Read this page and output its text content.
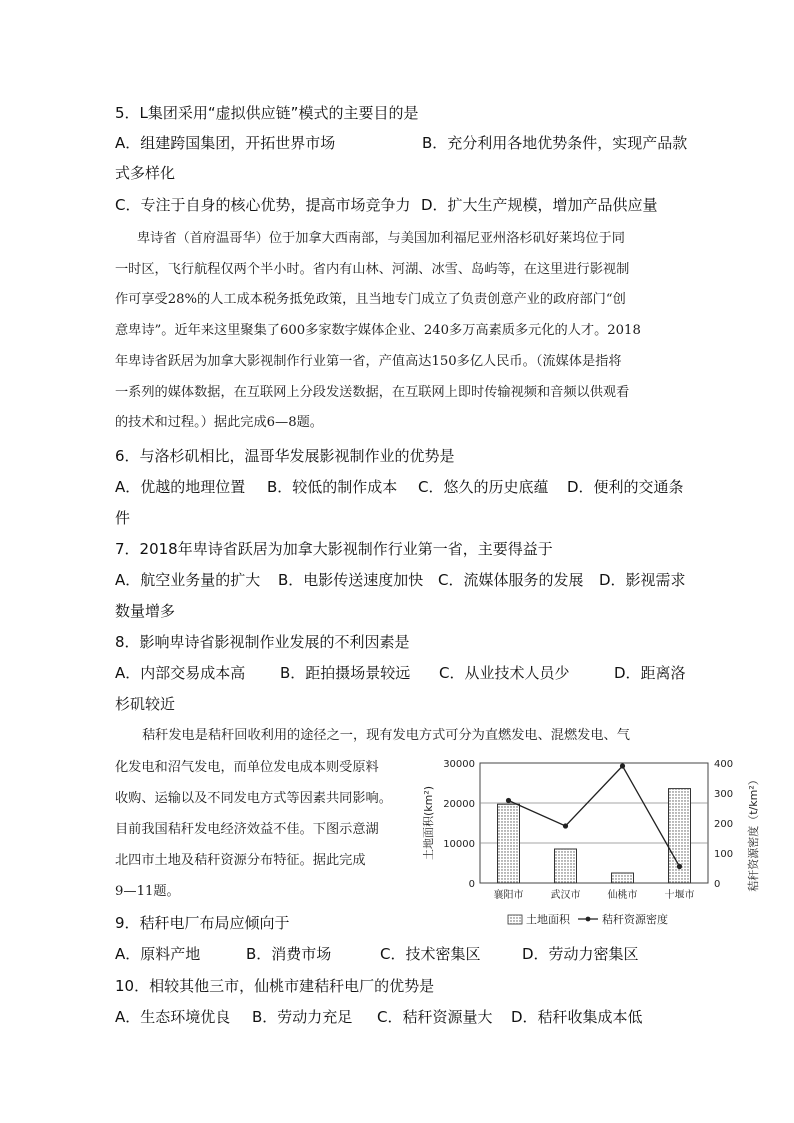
5．L集团采用“虚拟供应链”模式的主要目的是
A．组建跨国集团，开拓世界市场	B．充分利用各地优势条件，实现产品款
式多样化
C．专注于自身的核心优势，提高市场竞争力 D．扩大生产规模，增加产品供应量
卑诗省（首府温哥华）位于加拿大西南部，与美国加利福尼亚州洛杉矶好莱坞位于同
一时区，飞行航程仅两个半小时。省内有山林、河湖、冰雪、岛屿等，在这里进行影视制
作可享受28%的人工成本税务抵免政策，且当地专门成立了负责创意产业的政府部门“创
意卑诗”。近年来这里聚集了600多家数字媒体企业、240多万高素质多元化的人才。2018
年卑诗省跃居为加拿大影视制作行业第一省，产值高达150多亿人民币。（流媒体是指将
一系列的媒体数据，在互联网上分段发送数据，在互联网上即时传输视频和音频以供观看
的技术和过程。）据此完成6—8题。
6．与洛杉矶相比，温哥华发展影视制作业的优势是
A．优越的地理位置 B．较低的制作成本 C．悠久的历史底蕴 D．便利的交通条
件
7．2018年卑诗省跃居为加拿大影视制作行业第一省，主要得益于
A．航空业务量的扩大 B．电影传送速度加快 C．流媒体服务的发展 D．影视需求
数量增多
8．影响卑诗省影视制作业发展的不利因素是
A．内部交易成本高 B．距拍摄场景较远 C．从业技术人员少	D．距离洛
杉矶较近
秸秆发电是秸秆回收利用的途径之一，现有发电方式可分为直燃发电、混燃发电、气
化发电和沼气发电，而单位发电成本则受原料
收购、运输以及不同发电方式等因素共同影响。
目前我国秸秆发电经济效益不佳。下图示意湖
北四市土地及秸秆资源分布特征。据此完成
9—11题。	0
10000
20000
30000
0
100
200
300
400
土地面积(km²)	秸秆资源密度（t/km²）
襄阳市	武汉市	仙桃市	十堰市
土地面积	秸秆资源密度
9．秸秆电厂布局应倾向于
A．原料产地	B．消费市场	C．技术密集区	D．劳动力密集区
10．相较其他三市，仙桃市建秸秆电厂的优势是
A．生态环境优良 B．劳动力充足 C．秸秆资源量大 D．秸秆收集成本低
